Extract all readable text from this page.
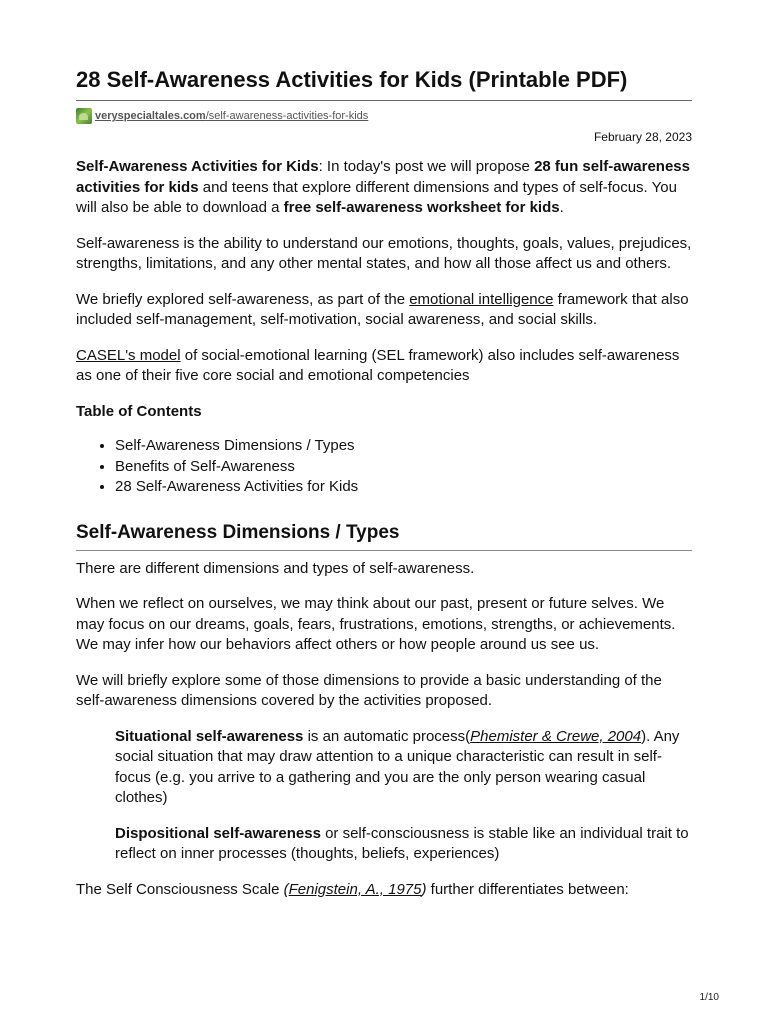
28 Self-Awareness Activities for Kids (Printable PDF)
veryspecialtales.com/self-awareness-activities-for-kids
February 28, 2023

Self-Awareness Activities for Kids: In today's post we will propose 28 fun self-awareness activities for kids and teens that explore different dimensions and types of self-focus. You will also be able to download a free self-awareness worksheet for kids.

Self-awareness is the ability to understand our emotions, thoughts, goals, values, prejudices, strengths, limitations, and any other mental states, and how all those affect us and others.

We briefly explored self-awareness, as part of the emotional intelligence framework that also included self-management, self-motivation, social awareness, and social skills.

CASEL's model of social-emotional learning (SEL framework) also includes self-awareness as one of their five core social and emotional competencies

Table of Contents

• Self-Awareness Dimensions / Types
• Benefits of Self-Awareness
• 28 Self-Awareness Activities for Kids
Self-Awareness Dimensions / Types

There are different dimensions and types of self-awareness.

When we reflect on ourselves, we may think about our past, present or future selves. We may focus on our dreams, goals, fears, frustrations, emotions, strengths, or achievements. We may infer how our behaviors affect others or how people around us see us.

We will briefly explore some of those dimensions to provide a basic understanding of the self-awareness dimensions covered by the activities proposed.

Situational self-awareness is an automatic process(Phemister & Crewe, 2004). Any social situation that may draw attention to a unique characteristic can result in self-focus (e.g. you arrive to a gathering and you are the only person wearing casual clothes)

Dispositional self-awareness or self-consciousness is stable like an individual trait to reflect on inner processes (thoughts, beliefs, experiences)

The Self Consciousness Scale (Fenigstein, A., 1975) further differentiates between:

1/10
